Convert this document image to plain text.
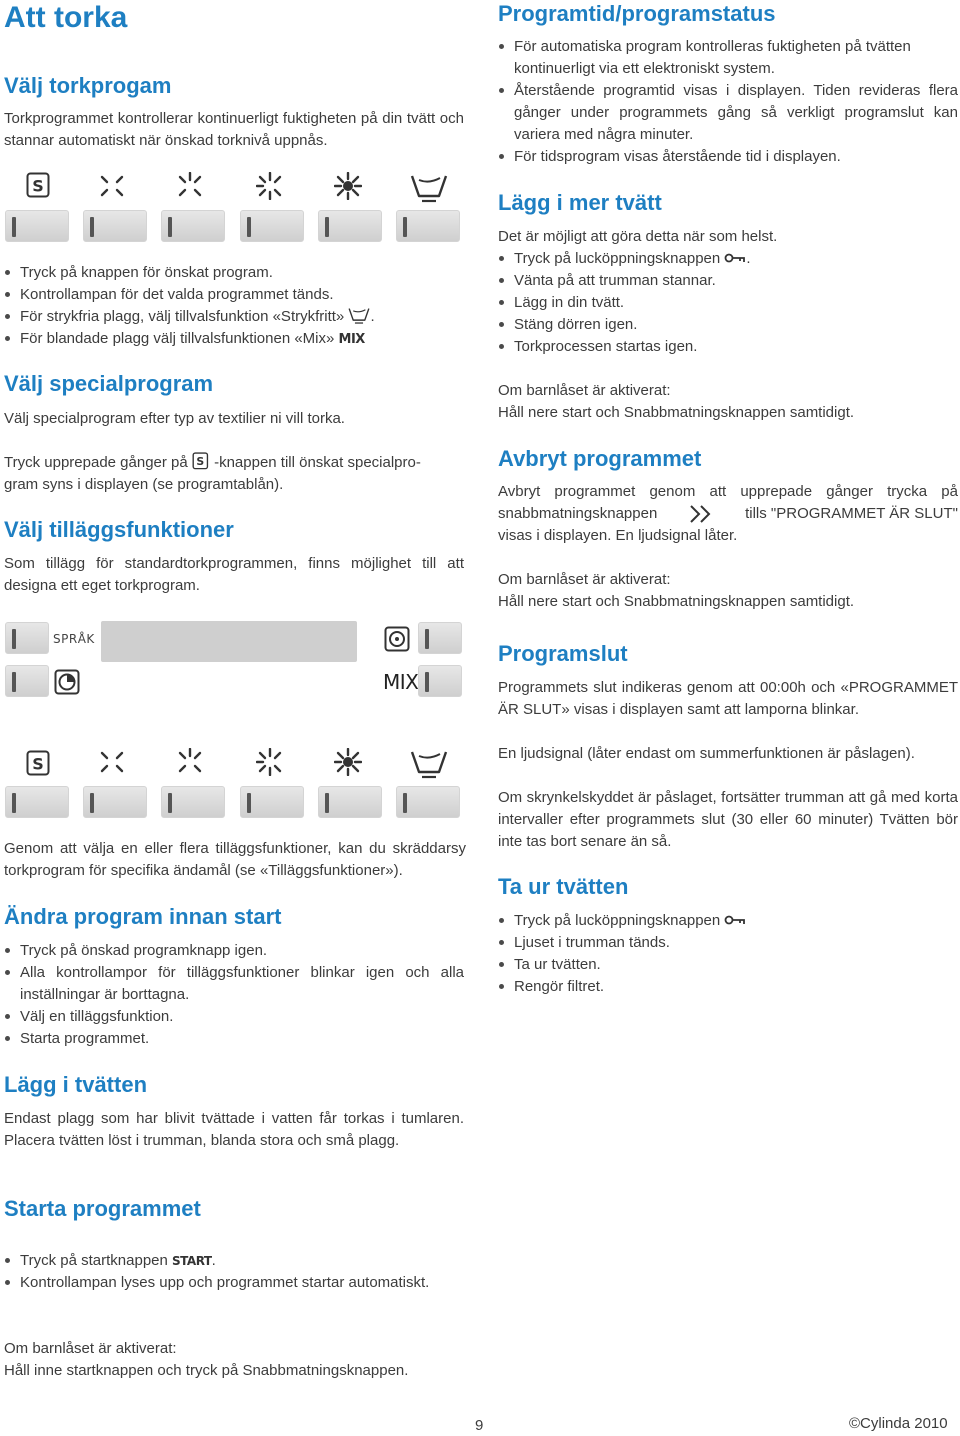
Att torka
Välj torkprogam

Torkprogrammet kontrollerar kontinuerligt fuktigheten på din tvätt och stannar automatiskt när önskad torknivå uppnås.

Tryck på knappen för önskat program.
Kontrollampan för det valda programmet tänds.
För strykfria plagg, välj tillvalsfunktion «Strykfritt» .
För blandade plagg välj tillvalsfunktionen «Mix» MIX
Välj specialprogram

Välj specialprogram efter typ av textilier ni vill torka.

Tryck upprepade gånger på -knappen till önskat specialpro-
gram syns i displayen (se programtablån).

Välj tilläggsfunktioner

Som tillägg för standardtorkprogrammen, finns möjlighet till att designa ett eget torkprogram.

SPRÅK
MIX

Genom att välja en eller flera tilläggsfunktioner, kan du skräddarsy torkprogram för specifika ändamål (se «Tilläggsfunktioner»).

Ändra program innan start
Tryck på önskad programknapp igen.
Alla kontrollampor för tilläggsfunktioner blinkar igen och alla inställningar är borttagna.
Välj en tilläggsfunktion.
Starta programmet.
Lägg i tvätten

Endast plagg som har blivit tvättade i vatten får torkas i tumlaren. Placera tvätten löst i trumman, blanda stora och små plagg.

Starta programmet
Tryck på startknappen START.
Kontrollampan lyses upp och programmet startar automatiskt.

Om barnlåset är aktiverat:

Håll inne startknappen och tryck på Snabbmatningsknappen.

Programtid/programstatus
För automatiska program kontrolleras fuktigheten på tvätten kontinuerligt via ett elektroniskt system.
Återstående programtid visas i displayen. Tiden revideras flera gånger under programmets gång så verkligt programslut kan variera med några minuter.
För tidsprogram visas återstående tid i displayen.
Lägg i mer tvätt

Det är möjligt att göra detta när som helst.

Tryck på lucköppningsknappen .
Vänta på att trumman stannar.
Lägg in din tvätt.
Stäng dörren igen.
Torkprocessen startas igen.

Om barnlåset är aktiverat:

Håll nere start och Snabbmatningsknappen samtidigt.

Avbryt programmet
Avbryt programmet genom att upprepade gånger trycka på
snabbmatningsknappen	tills "PROGRAMMET ÄR SLUT"
visas i displayen. En ljudsignal låter.

Om barnlåset är aktiverat:

Håll nere start och Snabbmatningsknappen samtidigt.

Programslut

Programmets slut indikeras genom att 00:00h och «PROGRAMMET ÄR SLUT» visas i displayen samt att lamporna blinkar.

En ljudsignal (låter endast om summerfunktionen är påslagen).

Om skrynkelskyddet är påslaget, fortsätter trumman att gå med korta intervaller efter programmets slut (30 eller 60 minuter) Tvätten bör inte tas bort senare än så.

Ta ur tvätten
Tryck på lucköppningsknappen
Ljuset i trumman tänds.
Ta ur tvätten.
Rengör filtret.
9	©Cylinda 2010
